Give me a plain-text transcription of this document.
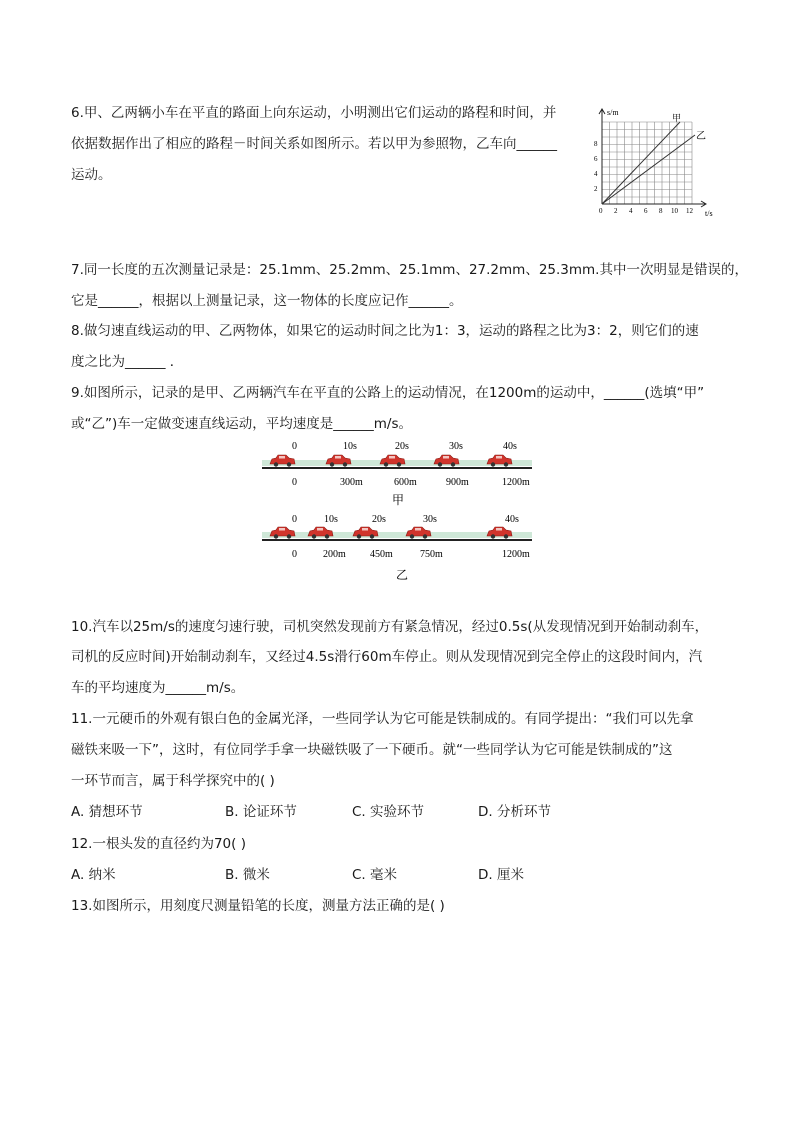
6.甲、乙两辆小车在平直的路面上向东运动，小明测出它们运动的路程和时间，并
依据数据作出了相应的路程－时间关系如图所示。若以甲为参照物，乙车向______
运动。
s/m
t/s
甲
乙
8
6
4
2
0 2 4 6 8 10 12
7.同一长度的五次测量记录是：25.1mm、25.2mm、25.1mm、27.2mm、25.3mm.其中一次明显是错误的，
它是______，根据以上测量记录，这一物体的长度应记作______。
8.做匀速直线运动的甲、乙两物体，如果它的运动时间之比为1：3，运动的路程之比为3：2，则它们的速
度之比为______ ．
9.如图所示，记录的是甲、乙两辆汽车在平直的公路上的运动情况，在1200m的运动中，______(选填“甲”
或“乙”)车一定做变速直线运动，平均速度是______m/s。
0	10s	20s	30s	40s
0	300m	600m	900m	1200m
甲
0	10s	20s	30s	40s
0	200m 450m	750m	1200m
乙
10.汽车以25m/s的速度匀速行驶，司机突然发现前方有紧急情况，经过0.5s(从发现情况到开始制动刹车，
司机的反应时间)开始制动刹车，又经过4.5s滑行60m车停止。则从发现情况到完全停止的这段时间内，汽
车的平均速度为______m/s。
11.一元硬币的外观有银白色的金属光泽，一些同学认为它可能是铁制成的。有同学提出：“我们可以先拿
磁铁来吸一下”，这时，有位同学手拿一块磁铁吸了一下硬币。就“一些同学认为它可能是铁制成的”这
一环节而言，属于科学探究中的( )
A. 猜想环节	B. 论证环节	C. 实验环节	D. 分析环节
12.一根头发的直径约为70( )
A. 纳米	B. 微米	C. 毫米	D. 厘米
13.如图所示，用刻度尺测量铅笔的长度，测量方法正确的是( )
